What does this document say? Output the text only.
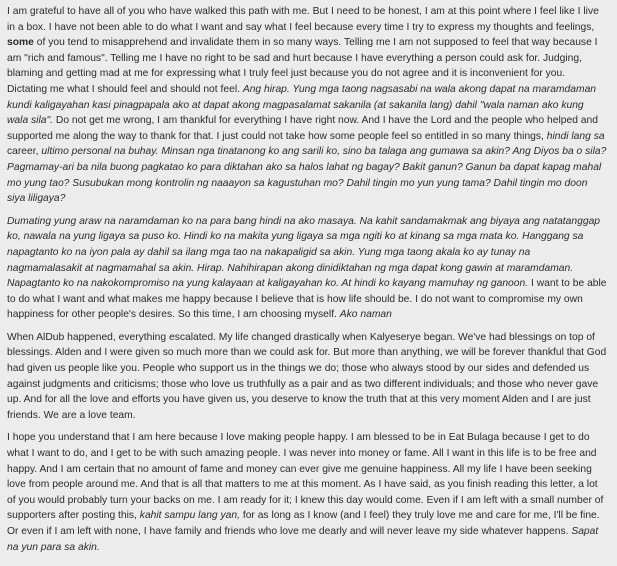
I am grateful to have all of you who have walked this path with me. But I need to be honest, I am at this point where I feel like I live in a box. I have not been able to do what I want and say what I feel because every time I try to express my thoughts and feelings, some of you tend to misapprehend and invalidate them in so many ways. Telling me I am not supposed to feel that way because I am "rich and famous". Telling me I have no right to be sad and hurt because I have everything a person could ask for. Judging, blaming and getting mad at me for expressing what I truly feel just because you do not agree and it is inconvenient for you. Dictating me what I should feel and should not feel. Ang hirap. Yung mga taong nagsasabi na wala akong dapat na maramdaman kundi kaligayahan kasi pinagpapala ako at dapat akong magpasalamat sakanila (at sakanila lang) dahil "wala naman ako kung wala sila". Do not get me wrong, I am thankful for everything I have right now. And I have the Lord and the people who helped and supported me along the way to thank for that. I just could not take how some people feel so entitled in so many things, hindi lang sa career, ultimo personal na buhay. Minsan nga tinatanong ko ang sarili ko, sino ba talaga ang gumawa sa akin? Ang Diyos ba o sila? Pagmamay-ari ba nila buong pagkatao ko para diktahan ako sa halos lahat ng bagay? Bakit ganun? Ganun ba dapat kapag mahal mo yung tao? Susubukan mong kontrolin ng naaayon sa kagustuhan mo? Dahil tingin mo yun yung tama? Dahil tingin mo doon siya liligaya?

Dumating yung araw na naramdaman ko na para bang hindi na ako masaya. Na kahit sandamakmak ang biyaya ang natatanggap ko, nawala na yung ligaya sa puso ko. Hindi ko na makita yung ligaya sa mga ngiti ko at kinang sa mga mata ko. Hanggang sa napagtanto ko na iyon pala ay dahil sa ilang mga tao na nakapaligid sa akin. Yung mga taong akala ko ay tunay na nagmamalasakit at nagmamahal sa akin. Hirap. Nahihirapan akong dinidiktahan ng mga dapat kong gawin at maramdaman. Napagtanto ko na nakokompromiso na yung kalayaan at kaligayahan ko. At hindi ko kayang mamuhay ng ganoon. I want to be able to do what I want and what makes me happy because I believe that is how life should be. I do not want to compromise my own happiness for other people's desires. So this time, I am choosing myself. Ako naman

When AlDub happened, everything escalated. My life changed drastically when Kalyeserye began. We've had blessings on top of blessings. Alden and I were given so much more than we could ask for. But more than anything, we will be forever thankful that God had given us people like you. People who support us in the things we do; those who always stood by our sides and defended us against judgments and criticisms; those who love us truthfully as a pair and as two different individuals; and those who never gave up. And for all the love and efforts you have given us, you deserve to know the truth that at this very moment Alden and I are just friends. We are a love team.

I hope you understand that I am here because I love making people happy. I am blessed to be in Eat Bulaga because I get to do what I want to do, and I get to be with such amazing people. I was never into money or fame. All I want in this life is to be free and happy. And I am certain that no amount of fame and money can ever give me genuine happiness. All my life I have been seeking love from people around me. And that is all that matters to me at this moment. As I have said, as you finish reading this letter, a lot of you would probably turn your backs on me. I am ready for it; I knew this day would come. Even if I am left with a small number of supporters after posting this, kahit sampu lang yan, for as long as I know (and I feel) they truly love me and care for me, I'll be fine. Or even if I am left with none, I have family and friends who love me dearly and will never leave my side whatever happens. Sapat na yun para sa akin.
